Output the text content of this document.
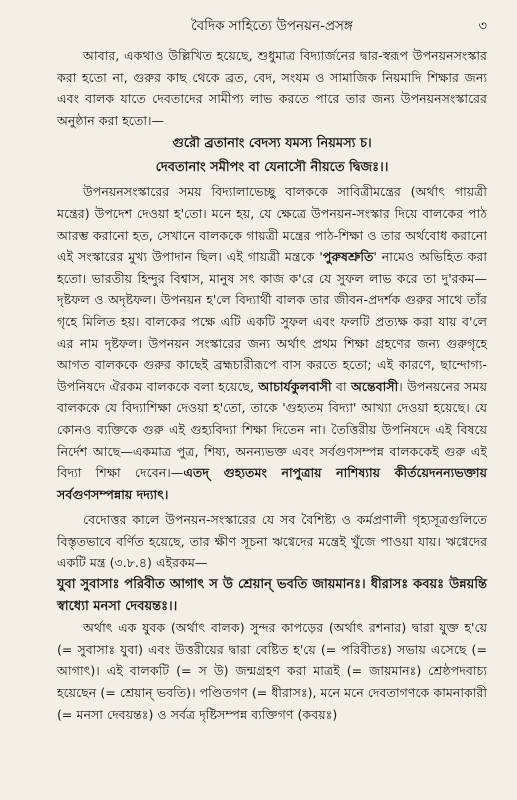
বৈদিক সাহিত্যে উপনয়ন-প্রসঙ্গ	৩

আবার, একথাও উল্লিখিত হয়েছে, শুধুমাত্র বিদ্যার্জনের দ্বার-স্বরূপ উপনয়নসংস্কার করা হতো না, গুরুর কাছ থেকে ব্রত, বেদ, সংযম ও সামাজিক নিয়মাদি শিক্ষার জন্য এবং বালক যাতে দেবতাদের সামীপ্য লাভ করতে পারে তার জন্য উপনয়নসংস্কারের অনুষ্ঠান করা হতো।—

গুরৌ ব্রতানাং বেদস্য যমস্য নিয়মস্য চ।
দেবতানাং সমীপং বা যেনাসৌ নীয়তে দ্বিজঃ।।

উপনয়নসংস্কারের সময় বিদ্যালাভেচ্ছু বালককে সাবিত্রীমন্ত্রের (অর্থাৎ গায়ত্রী মন্ত্রের) উপদেশ দেওয়া হ'তো। মনে হয়, যে ক্ষেত্রে উপনয়ন-সংস্কার দিয়ে বালকের পাঠ আরম্ভ করানো হত, সেখানে বালককে গায়ত্রী মন্ত্রের পাঠ-শিক্ষা ও তার অর্থবোধ করানো এই সংস্কারের মুখ্য উপাদান ছিল। এই গায়ত্রী মন্ত্রকে 'পুরুষশ্রুতি' নামেও অভিহিত করা হতো। ভারতীয় হিন্দুর বিশ্বাস, মানুষ সৎ কাজ ক'রে যে সুফল লাভ করে তা দু'রকম—দৃষ্টফল ও অদৃষ্টফল। উপনয়ন হ'লে বিদ্যার্থী বালক তার জীবন-প্রদর্শক গুরুর সাথে তাঁর গৃহে মিলিত হয়। বালকের পক্ষে এটি একটি সুফল এবং ফলটি প্রত্যক্ষ করা যায় ব'লে এর নাম দৃষ্টফল। উপনয়ন সংস্কারের জন্য অর্থাৎ প্রথম শিক্ষা গ্রহণের জন্য গুরুগৃহে আগত বালককে গুরুর কাছেই ব্রহ্মচারীরূপে বাস করতে হতো; এই কারণে, ছান্দোগ্য-উপনিষদে ঐরকম বালককে বলা হয়েছে, আচার্যকুলবাসী বা অন্তেবাসী। উপনয়নের সময় বালককে যে বিদ্যাশিক্ষা দেওয়া হ'তো, তাকে 'গুহ্যতম বিদ্যা' আখ্যা দেওয়া হয়েছে। যে কোনও ব্যক্তিকে গুরু এই গুহ্যবিদ্যা শিক্ষা দিতেন না। তৈত্তিরীয় উপনিষদে এই বিষয়ে নির্দেশ আছে—একমাত্র পুত্র, শিষ্য, অনন্যভক্ত এবং সর্বগুণসম্পন্ন বালককেই গুরু এই বিদ্যা শিক্ষা দেবেন।—এতদ্‌ গুহ্যতমং নাপুত্রায় নাশিষ্যায় কীর্তয়েদনন্যভক্তায় সর্বগুণসম্পন্নায় দদ্যাৎ।

বেদোত্তর কালে উপনয়ন-সংস্কারের যে সব বৈশিষ্ট্য ও কর্মপ্রণালী গৃহ্যসূত্রগুলিতে বিস্তৃতভাবে বর্ণিত হয়েছে, তার ক্ষীণ সূচনা ঋগ্বেদের মন্ত্রেই খুঁজে পাওয়া যায়। ঋগ্বেদের একটি মন্ত্র (৩.৮.৪) এইরকম—

যুবা সুবাসাঃ পরিবীত আগাৎ স উ শ্রেয়ান্ ভবতি জায়মানঃ। ধীরাসঃ কবয়ঃ উন্নয়ন্তি স্বাধ্যো মনসা দেবয়ন্তঃ।।

অর্থাৎ এক যুবক (অর্থাৎ বালক) সুন্দর কাপড়ের (অর্থাৎ রশনার) দ্বারা যুক্ত হ'য়ে (= সুবাসাঃ যুবা) এবং উত্তরীয়ের দ্বারা বেষ্টিত হ'য়ে (= পরিবীতঃ) সভায় এসেছে (= আগাৎ)। এই বালকটি (= স উ) জন্মগ্রহণ করা মাত্রই (= জায়মানঃ) শ্রেষ্ঠপদবাচ্য হয়েছেন (= শ্রেয়ান্ ভবতি)। পণ্ডিতগণ (= ধীরাসঃ), মনে মনে দেবতাগণকে কামনাকারী (= মনসা দেবয়ন্তঃ) ও সর্বত্র দৃষ্টিসম্পন্ন ব্যক্তিগণ (কবয়ঃ)
